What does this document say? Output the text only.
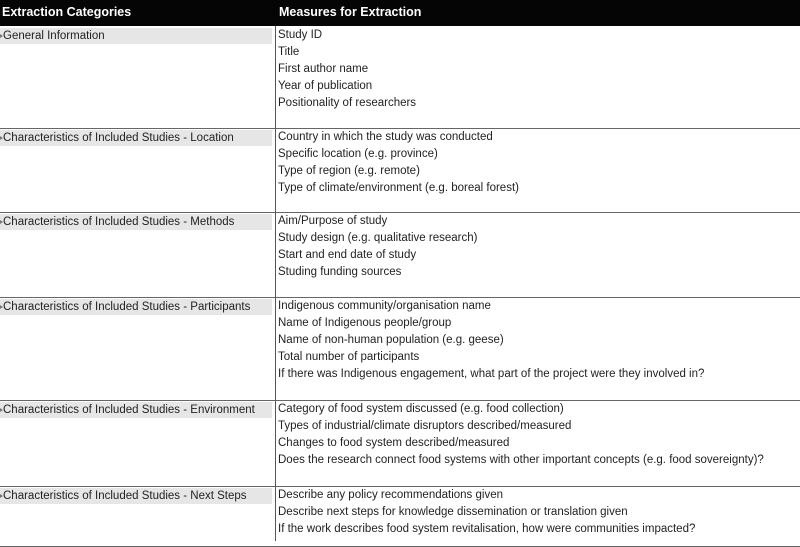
Extraction Categories	Measures for Extraction
General Information	Study ID
Title
First author name
Year of publication
Positionality of researchers
Characteristics of Included Studies - Location	Country in which the study was conducted
Specific location (e.g. province)
Type of region (e.g. remote)
Type of climate/environment (e.g. boreal forest)
Characteristics of Included Studies - Methods	Aim/Purpose of study
Study design (e.g. qualitative research)
Start and end date of study
Studing funding sources
Characteristics of Included Studies - Participants	Indigenous community/organisation name
Name of Indigenous people/group
Name of non-human population (e.g. geese)
Total number of participants
If there was Indigenous engagement, what part of the project were they involved in?
Characteristics of Included Studies - Environment	Category of food system discussed (e.g. food collection)
Types of industrial/climate disruptors described/measured
Changes to food system described/measured
Does the research connect food systems with other important concepts (e.g. food sovereignty)?
Characteristics of Included Studies - Next Steps	Describe any policy recommendations given
Describe next steps for knowledge dissemination or translation given
If the work describes food system revitalisation, how were communities impacted?
